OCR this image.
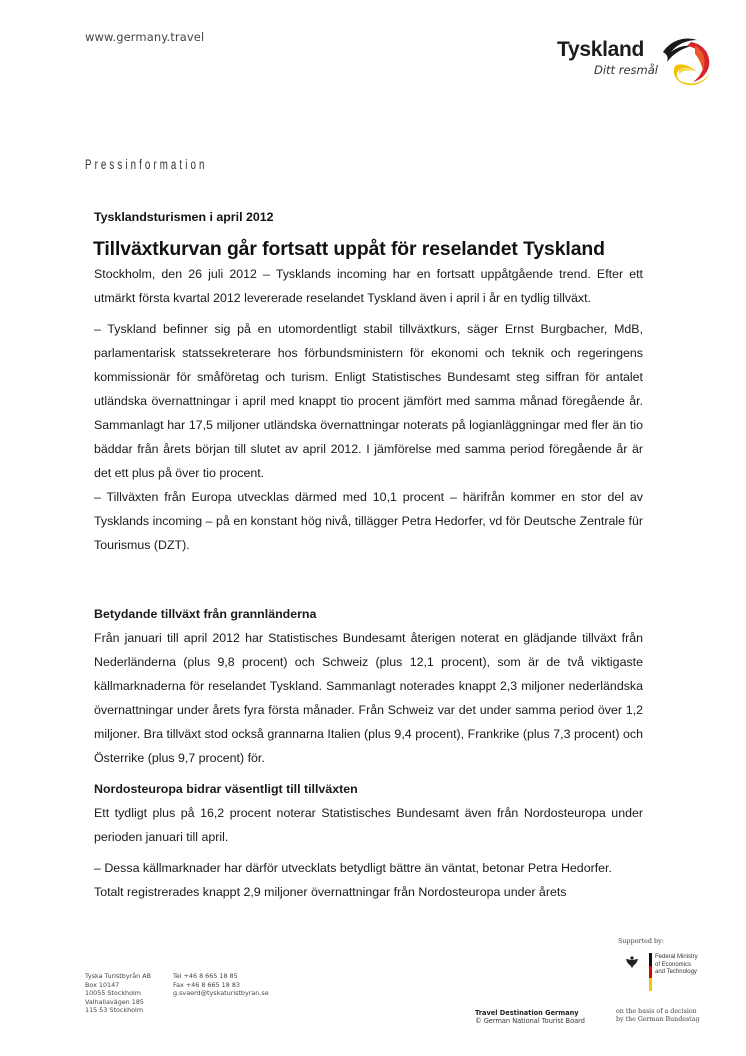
www.germany.travel
Tyskland
Ditt resmål
Pressinformation
Tysklandsturismen i april 2012
Tillväxtkurvan går fortsatt uppåt för reselandet Tyskland

Stockholm, den 26 juli 2012 – Tysklands incoming har en fortsatt uppåtgående trend. Efter ett utmärkt första kvartal 2012 levererade reselandet Tyskland även i april i år en tydlig tillväxt.

– Tyskland befinner sig på en utomordentligt stabil tillväxtkurs, säger Ernst Burgbacher, MdB, parlamentarisk statssekreterare hos förbundsministern för ekonomi och teknik och regeringens kommissionär för småföretag och turism. Enligt Statistisches Bundesamt steg siffran för antalet utländska övernattningar i april med knappt tio procent jämfört med samma månad föregående år. Sammanlagt har 17,5 miljoner utländska övernattningar noterats på logianläggningar med fler än tio bäddar från årets början till slutet av april 2012. I jämförelse med samma period föregående år är det ett plus på över tio procent.

– Tillväxten från Europa utvecklas därmed med 10,1 procent – härifrån kommer en stor del av Tysklands incoming – på en konstant hög nivå, tillägger Petra Hedorfer, vd för Deutsche Zentrale für Tourismus (DZT).

Betydande tillväxt från grannländerna

Från januari till april 2012 har Statistisches Bundesamt återigen noterat en glädjande tillväxt från Nederländerna (plus 9,8 procent) och Schweiz (plus 12,1 procent), som är de två viktigaste källmarknaderna för reselandet Tyskland. Sammanlagt noterades knappt 2,3 miljoner nederländska övernattningar under årets fyra första månader. Från Schweiz var det under samma period över 1,2 miljoner. Bra tillväxt stod också grannarna Italien (plus 9,4 procent), Frankrike (plus 7,3 procent) och Österrike (plus 9,7 procent) för.

Nordosteuropa bidrar väsentligt till tillväxten

Ett tydligt plus på 16,2 procent noterar Statistisches Bundesamt även från Nordosteuropa under perioden januari till april.

– Dessa källmarknader har därför utvecklats betydligt bättre än väntat, betonar Petra Hedorfer.

Totalt registrerades knappt 2,9 miljoner övernattningar från Nordosteuropa under årets

Tyska Turistbyrån AB
Box 10147
10055 Stockholm
Valhallavägen 185
115 53 Stockholm
Tel +46 8 665 18 85
Fax +46 8 665 18 83
g.svaerd@tyskaturistbyran.se
Travel Destination Germany
© German National Tourist Board
Supported by:
Federal Ministry
of Economics
and Technology
on the basis of a decision
by the German Bundestag
